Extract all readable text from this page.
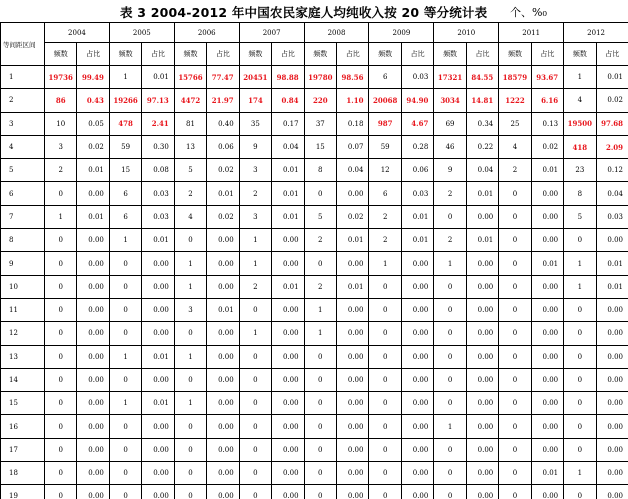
表 3 2004-2012 年中国农民家庭人均纯收入按 20 等分统计表 个、%₀
等间距区间	2004		2005		2006		2007		2008		2009		2010		2011		2012	
	频数	占比	频数	占比	频数	占比	频数	占比	频数	占比	频数	占比	频数	占比	频数	占比	频数	占比
1	19736	99.49	1	0.01	15766	77.47	20451	98.88	19780	98.56	6	0.03	17321	84.55	18579	93.67	1	0.01
2	86	0.43	19266	97.13	4472	21.97	174	0.84	220	1.10	20068	94.90	3034	14.81	1222	6.16	4	0.02
3	10	0.05	478	2.41	81	0.40	35	0.17	37	0.18	987	4.67	69	0.34	25	0.13	19500	97.68
4	3	0.02	59	0.30	13	0.06	9	0.04	15	0.07	59	0.28	46	0.22	4	0.02	418	2.09
5	2	0.01	15	0.08	5	0.02	3	0.01	8	0.04	12	0.06	9	0.04	2	0.01	23	0.12
6	0	0.00	6	0.03	2	0.01	2	0.01	0	0.00	6	0.03	2	0.01	0	0.00	8	0.04
7	1	0.01	6	0.03	4	0.02	3	0.01	5	0.02	2	0.01	0	0.00	0	0.00	5	0.03
8	0	0.00	1	0.01	0	0.00	1	0.00	2	0.01	2	0.01	2	0.01	0	0.00	0	0.00
9	0	0.00	0	0.00	1	0.00	1	0.00	0	0.00	1	0.00	1	0.00	0	0.01	1	0.01
10	0	0.00	0	0.00	1	0.00	2	0.01	2	0.01	0	0.00	0	0.00	0	0.00	1	0.01
11	0	0.00	0	0.00	3	0.01	0	0.00	1	0.00	0	0.00	0	0.00	0	0.00	0	0.00
12	0	0.00	0	0.00	0	0.00	1	0.00	1	0.00	0	0.00	0	0.00	0	0.00	0	0.00
13	0	0.00	1	0.01	1	0.00	0	0.00	0	0.00	0	0.00	0	0.00	0	0.00	0	0.00
14	0	0.00	0	0.00	0	0.00	0	0.00	0	0.00	0	0.00	0	0.00	0	0.00	0	0.00
15	0	0.00	1	0.01	1	0.00	0	0.00	0	0.00	0	0.00	0	0.00	0	0.00	0	0.00
16	0	0.00	0	0.00	0	0.00	0	0.00	0	0.00	0	0.00	1	0.00	0	0.00	0	0.00
17	0	0.00	0	0.00	0	0.00	0	0.00	0	0.00	0	0.00	0	0.00	0	0.00	0	0.00
18	0	0.00	0	0.00	0	0.00	0	0.00	0	0.00	0	0.00	0	0.00	0	0.01	1	0.00
19	0	0.00	0	0.00	0	0.00	0	0.00	0	0.00	0	0.00	0	0.00	0	0.00	0	0.00
